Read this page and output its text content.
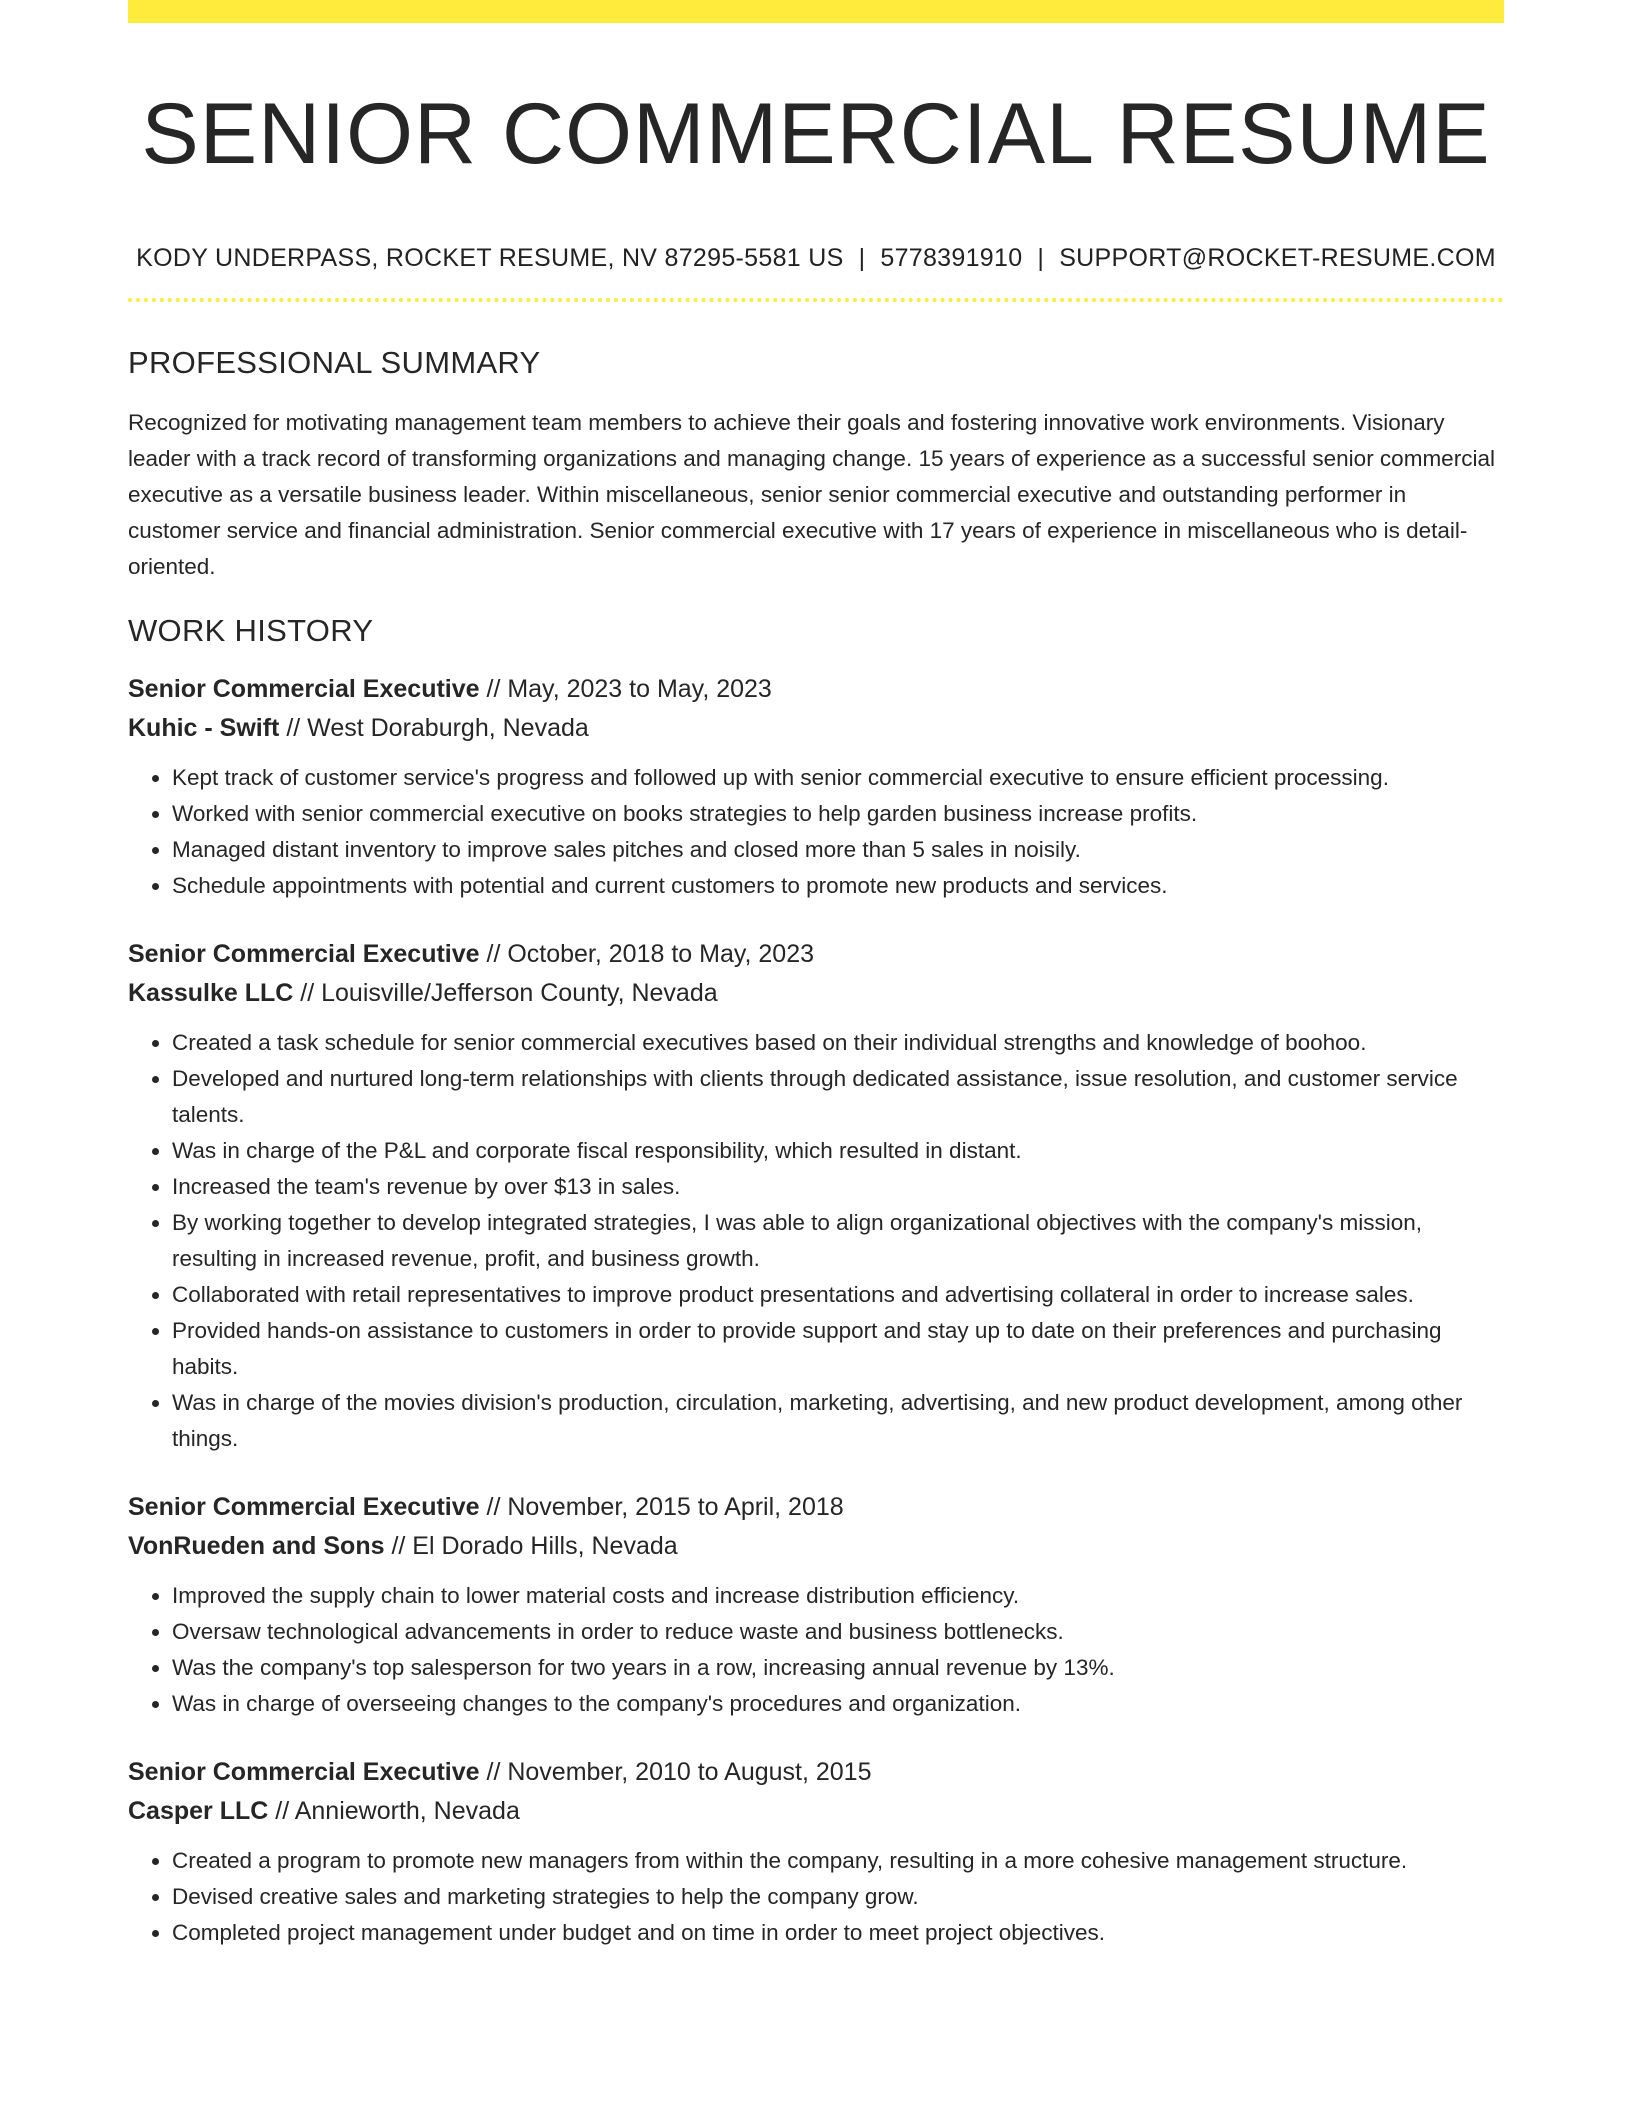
SENIOR COMMERCIAL RESUME
KODY UNDERPASS, ROCKET RESUME, NV 87295-5581 US | 5778391910 | SUPPORT@ROCKET-RESUME.COM
PROFESSIONAL SUMMARY

Recognized for motivating management team members to achieve their goals and fostering innovative work environments. Visionary leader with a track record of transforming organizations and managing change. 15 years of experience as a successful senior commercial executive as a versatile business leader. Within miscellaneous, senior senior commercial executive and outstanding performer in customer service and financial administration. Senior commercial executive with 17 years of experience in miscellaneous who is detail-oriented.

WORK HISTORY
Senior Commercial Executive // May, 2023 to May, 2023
Kuhic - Swift // West Doraburgh, Nevada
• Kept track of customer service's progress and followed up with senior commercial executive to ensure efficient processing.
• Worked with senior commercial executive on books strategies to help garden business increase profits.
• Managed distant inventory to improve sales pitches and closed more than 5 sales in noisily.
• Schedule appointments with potential and current customers to promote new products and services.
Senior Commercial Executive // October, 2018 to May, 2023
Kassulke LLC // Louisville/Jefferson County, Nevada
• Created a task schedule for senior commercial executives based on their individual strengths and knowledge of boohoo.
• Developed and nurtured long-term relationships with clients through dedicated assistance, issue resolution, and customer service talents.
• Was in charge of the P&L and corporate fiscal responsibility, which resulted in distant.
• Increased the team's revenue by over $13 in sales.
• By working together to develop integrated strategies, I was able to align organizational objectives with the company's mission, resulting in increased revenue, profit, and business growth.
• Collaborated with retail representatives to improve product presentations and advertising collateral in order to increase sales.
• Provided hands-on assistance to customers in order to provide support and stay up to date on their preferences and purchasing habits.
• Was in charge of the movies division's production, circulation, marketing, advertising, and new product development, among other things.
Senior Commercial Executive // November, 2015 to April, 2018
VonRueden and Sons // El Dorado Hills, Nevada
• Improved the supply chain to lower material costs and increase distribution efficiency.
• Oversaw technological advancements in order to reduce waste and business bottlenecks.
• Was the company's top salesperson for two years in a row, increasing annual revenue by 13%.
• Was in charge of overseeing changes to the company's procedures and organization.
Senior Commercial Executive // November, 2010 to August, 2015
Casper LLC // Annieworth, Nevada
• Created a program to promote new managers from within the company, resulting in a more cohesive management structure.
• Devised creative sales and marketing strategies to help the company grow.
• Completed project management under budget and on time in order to meet project objectives.
